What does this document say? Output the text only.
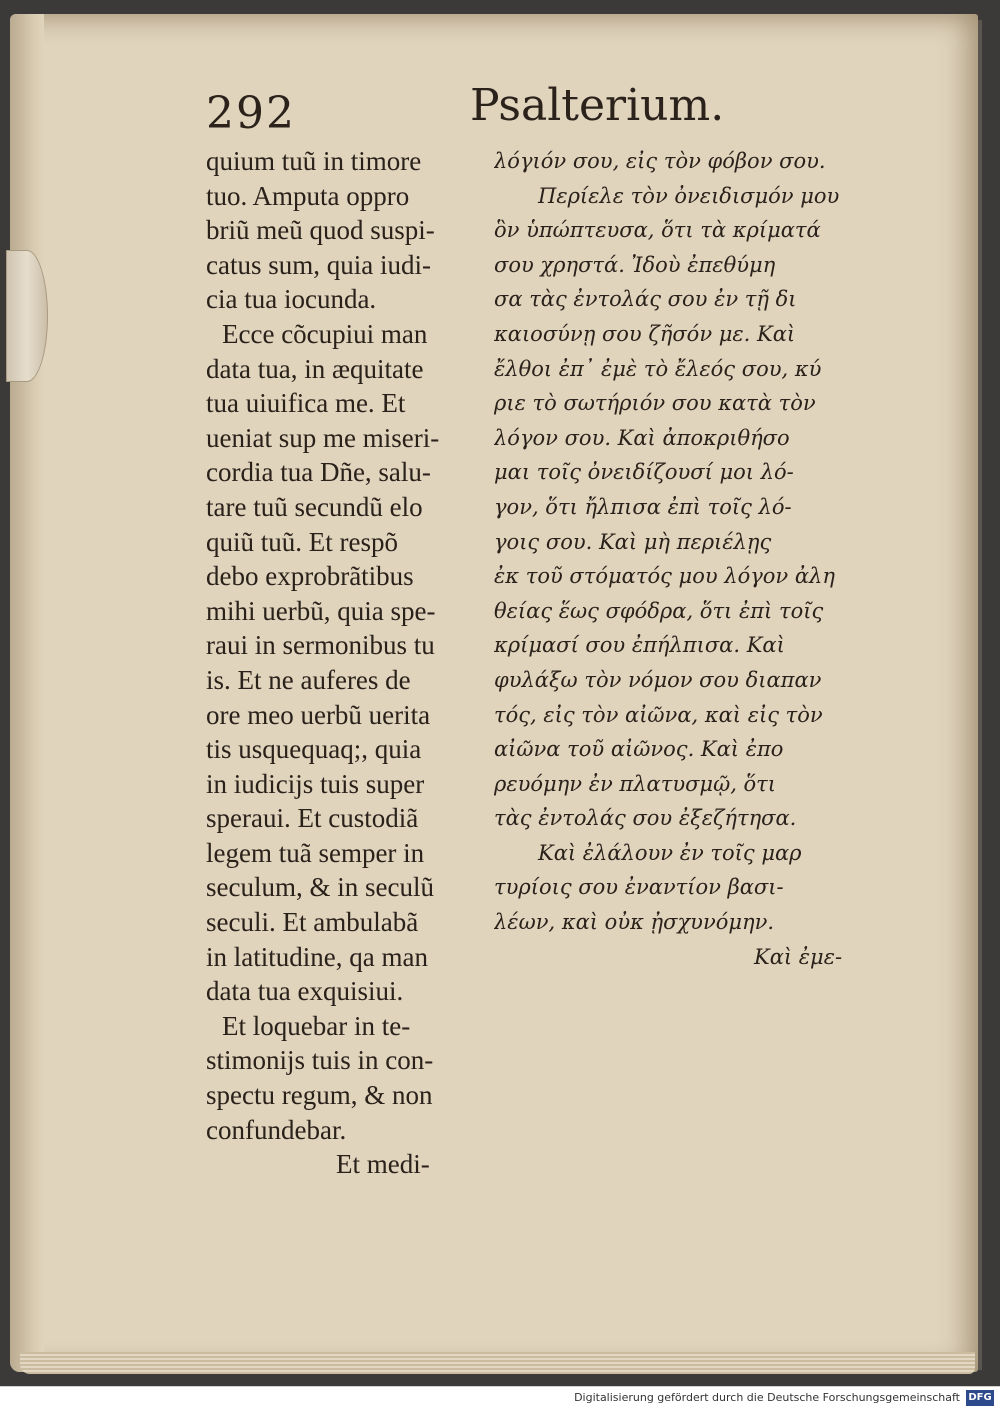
292	Psalterium.
quium tuũ in timore
tuo. Amputa oppro
briũ meũ quod suspi-
catus sum, quia iudi-
cia tua iocunda.
Ecce cõcupiui man
data tua, in æquitate
tua uiuifica me. Et
ueniat sup me miseri-
cordia tua Dñe, salu-
tare tuũ secundũ elo
quiũ tuũ. Et respõ
debo exprobrãtibus
mihi uerbũ, quia spe-
raui in sermonibus tu
is. Et ne auferes de
ore meo uerbũ uerita
tis usquequaq;, quia
in iudicijs tuis super
speraui. Et custodiã
legem tuã semper in
seculum, & in seculũ
seculi. Et ambulabã
in latitudine, qa man
data tua exquisiui.
Et loquebar in te-
stimonijs tuis in con-
spectu regum, & non
confundebar.
Et medi-
λόγιόν σου, εἰς τὸν φόβον σου.
Περίελε τὸν ὀνειδισμόν μου
ὃν ὑπώπτευσα, ὅτι τὰ κρίματά
σου χρηστά. Ἰδοὺ ἐπεθύμη
σα τὰς ἐντολάς σου ἐν τῇ δι
καιοσύνῃ σου ζῆσόν με. Καὶ
ἔλθοι ἐπ᾽ ἐμὲ τὸ ἔλεός σου, κύ
ριε τὸ σωτήριόν σου κατὰ τὸν
λόγον σου. Καὶ ἀποκριθήσο
μαι τοῖς ὀνειδίζουσί μοι λό-
γον, ὅτι ἤλπισα ἐπὶ τοῖς λό-
γοις σου. Καὶ μὴ περιέλῃς
ἐκ τοῦ στόματός μου λόγον ἀλη
θείας ἕως σφόδρα, ὅτι ἐπὶ τοῖς
κρίμασί σου ἐπήλπισα. Καὶ
φυλάξω τὸν νόμον σου διαπαν
τός, εἰς τὸν αἰῶνα, καὶ εἰς τὸν
αἰῶνα τοῦ αἰῶνος. Καὶ ἐπο
ρευόμην ἐν πλατυσμῷ, ὅτι
τὰς ἐντολάς σου ἐξεζήτησα.
Καὶ ἐλάλουν ἐν τοῖς μαρ
τυρίοις σου ἐναντίον βασι-
λέων, καὶ οὐκ ᾐσχυνόμην.
Καὶ ἐμε-
Digitalisierung gefördert durch die Deutsche Forschungsgemeinschaft DFG
